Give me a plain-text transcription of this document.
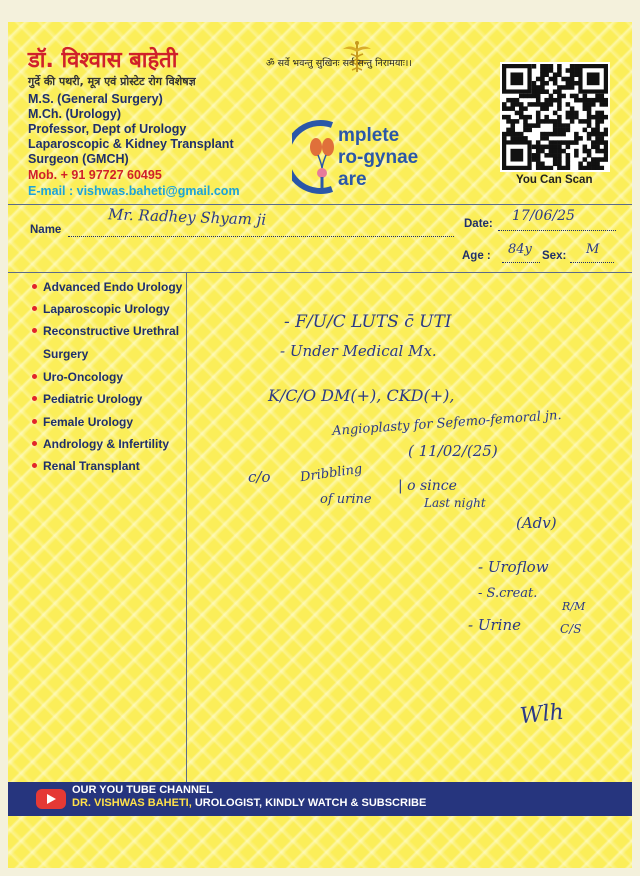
डॉ. विश्वास बाहेती
गुर्दे की पथरी, मूत्र एवं प्रोस्टेट रोग विशेषज्ञ
M.S. (General Surgery)
M.Ch. (Urology)
Professor, Dept of Urology
Laparoscopic & Kidney Transplant
Surgeon (GMCH)
Mob. + 91 97727 60495
E-mail : vishwas.baheti@gmail.com
ॐ सर्वे भवन्तु सुखिनः सर्व सन्तु निरामयाः।।
mplete
ro-gynae
are	You Can Scan
Name
Mr. Radhey Shyam ji	Date: 17/06/25
Age : 84y Sex: M
Advanced Endo Urology
Laparoscopic Urology
Reconstructive Urethral
Surgery
Uro-Oncology
Pediatric Urology
Female Urology
Andrology & Infertility
Renal Transplant
- F/U/C LUTS c̄ UTI
- Under Medical Mx.
K/C/O DM(+), CKD(+),
Angioplasty for Sefemo-femoral jn.
( 11/02/(25)
c/o Dribbling
of urine
| o since
Last night
(Adv)
- Uroflow
- S.creat.
- Urine
R/M
C/S
Wlh
OUR YOU TUBE CHANNEL
DR. VISHWAS BAHETI, UROLOGIST, KINDLY WATCH & SUBSCRIBE
